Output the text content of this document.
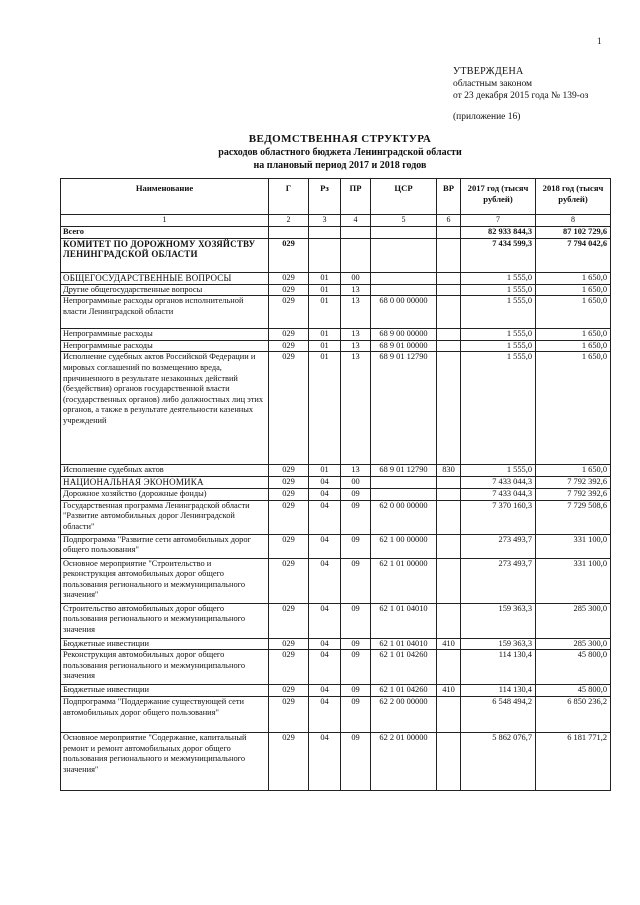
1
УТВЕРЖДЕНА
областным законом
от 23 декабря 2015 года № 139-оз
(приложение 16)
ВЕДОМСТВЕННАЯ СТРУКТУРА
расходов областного бюджета Ленинградской области
на плановый период 2017 и 2018 годов
Наименование	Г	Рз	ПР	ЦСР	ВР	2017 год (тысяч рублей)	2018 год (тысяч рублей)
1	2	3	4	5	6	7	8
Всего						82 933 844,3	87 102 729,6
КОМИТЕТ ПО ДОРОЖНОМУ ХОЗЯЙСТВУ ЛЕНИНГРАДСКОЙ ОБЛАСТИ	029					7 434 599,3	7 794 042,6
ОБЩЕГОСУДАРСТВЕННЫЕ ВОПРОСЫ	029	01	00			1 555,0	1 650,0
Другие общегосударственные вопросы	029	01	13			1 555,0	1 650,0
Непрограммные расходы органов исполнительной власти Ленинградской области	029	01	13	68 0 00 00000		1 555,0	1 650,0
Непрограммные расходы	029	01	13	68 9 00 00000		1 555,0	1 650,0
Непрограммные расходы	029	01	13	68 9 01 00000		1 555,0	1 650,0
Исполнение судебных актов Российской Федерации и мировых соглашений по возмещению вреда, причиненного в результате незаконных действий (бездействия) органов государственной власти (государственных органов) либо должностных лиц этих органов, а также в результате деятельности казенных учреждений	029	01	13	68 9 01 12790		1 555,0	1 650,0
Исполнение судебных актов	029	01	13	68 9 01 12790	830	1 555,0	1 650,0
НАЦИОНАЛЬНАЯ ЭКОНОМИКА	029	04	00			7 433 044,3	7 792 392,6
Дорожное хозяйство (дорожные фонды)	029	04	09			7 433 044,3	7 792 392,6
Государственная программа Ленинградской области "Развитие автомобильных дорог Ленинградской области"	029	04	09	62 0 00 00000		7 370 160,3	7 729 508,6
Подпрограмма "Развитие сети автомобильных дорог общего пользования"	029	04	09	62 1 00 00000		273 493,7	331 100,0
Основное мероприятие "Строительство и реконструкция автомобильных дорог общего пользования регионального и межмуниципального значения"	029	04	09	62 1 01 00000		273 493,7	331 100,0
Строительство автомобильных дорог общего пользования регионального и межмуниципального значения	029	04	09	62 1 01 04010		159 363,3	285 300,0
Бюджетные инвестиции	029	04	09	62 1 01 04010	410	159 363,3	285 300,0
Реконструкция автомобильных дорог общего пользования регионального и межмуниципального значения	029	04	09	62 1 01 04260		114 130,4	45 800,0
Бюджетные инвестиции	029	04	09	62 1 01 04260	410	114 130,4	45 800,0
Подпрограмма "Поддержание существующей сети автомобильных дорог общего пользования"	029	04	09	62 2 00 00000		6 548 494,2	6 850 236,2
Основное мероприятие "Содержание, капитальный ремонт и ремонт автомобильных дорог общего пользования регионального и межмуниципального значения"	029	04	09	62 2 01 00000		5 862 076,7	6 181 771,2
